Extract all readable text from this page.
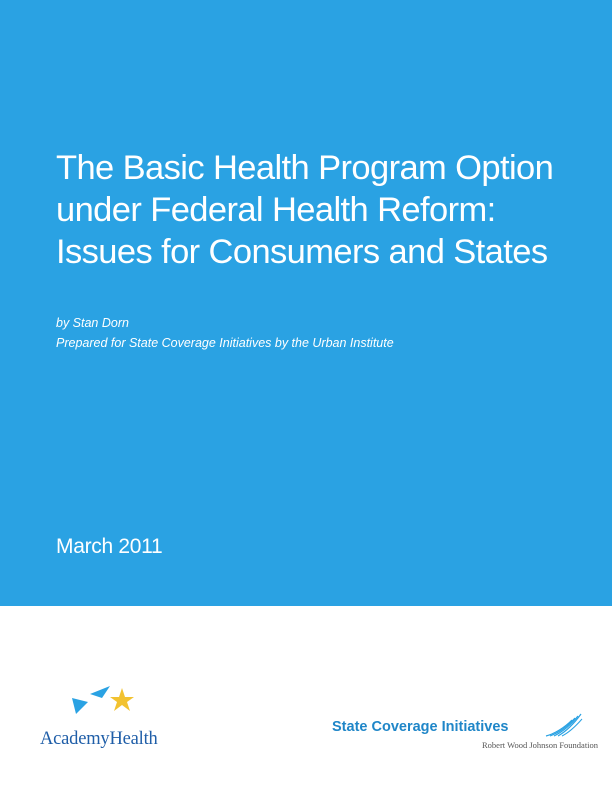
The Basic Health Program Option
under Federal Health Reform:
Issues for Consumers and States
by Stan Dorn
Prepared for State Coverage Initiatives by the Urban Institute
March 2011
AcademyHealth
State Coverage Initiatives
Robert Wood Johnson Foundation
